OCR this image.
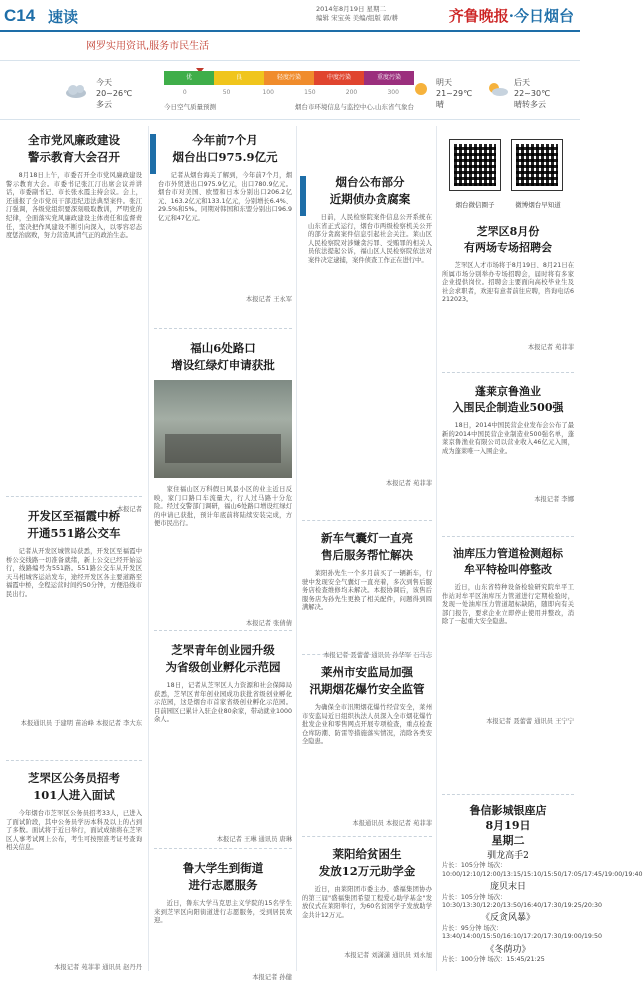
C14 速读	2014年8月19日 星期二
编辑 宋宝英 美编/组版 郭/耕	齐鲁晚报·今日烟台
网罗实用资讯,服务市民生活
今天
20~26℃
多云
优	良	轻度污染	中度污染	重度污染
0	50	100	150	200	300
今日空气质量预测	烟台市环境信息与监控中心,山东省气象台
明天
21~29℃
晴
后天
22~30℃
晴转多云
全市党风廉政建设
警示教育大会召开
8月18日上午，市委召开全市党风廉政建设警示教育大会。市委书记张江汀出席会议并讲话，市委副书记、市长张永霞主持会议。会上，还通报了全市党员干部违纪违法典型案件。张江汀强调，各级党组织要深刻吸取教训，严明党的纪律，全面落实党风廉政建设主体责任和监督责任，坚决把作风建设不断引向深入，以零容忍态度惩治腐败，努力营造风清气正的政治生态。
本报记者
开发区至福霞中桥
开通551路公交车
记者从开发区城管局获悉，开发区至福霞中桥公交线路一切准备就绪，新上公交已经开始运行，线路编号为551路。551路公交车从开发区天马相城客运站发车，途经开发区各主要道路至福霞中桥，全程运营时间约50分钟，方便沿线市民出行。
本报通讯员 于建明 苗冶峰 本报记者 李大东
芝罘区公务员招考
101人进入面试
今年烟台市芝罘区公务员招考33人，已进入了面试阶段，其中公务员学历本科及以上的占到了多数。面试将于近日举行，面试成绩将在芝罘区人事考试网上公布，考生可按照准考证号查询相关信息。
本报记者 苑菲菲 通讯员 赵丹丹
今年前7个月
烟台出口975.9亿元
记者从烟台海关了解到，今年前7个月，烟台市外贸进出口975.9亿元，出口780.9亿元。烟台市对美国、欧盟和日本分别出口206.2亿元、163.2亿元和133.1亿元，分别增长6.4%、29.5%和5%。同期对韩国和东盟分别出口96.9亿元和47亿元。
本报记者 王永军
福山6处路口
增设红绿灯申请获批
家住福山区万科假日风景小区的业主近日反映，家门口路口车流量大，行人过马路十分危险。经过交警部门调研，福山6处路口增设红绿灯的申请已获批，预计年底前将陆续安装完成，方便市民出行。
本报记者 张倩倩
芝罘青年创业园升级
为省级创业孵化示范园
18日，记者从芝罘区人力资源和社会保障局获悉，芝罘区青年创业园成功获批省级创业孵化示范园，这是烟台市首家省级创业孵化示范园。目前园区已累计入驻企业80余家，带动就业1000余人。
本报记者 王琳 通讯员 唐琳
鲁大学生到街道
进行志愿服务
近日，鲁东大学马克思主义学院的15名学生来到芝罘区向阳街道进行志愿服务，受到居民欢迎。
本报记者 孙健
烟台公布部分
近期侦办贪腐案
日前，人民检察院案件信息公开系统在山东省正式运行，烟台市两级检察机关公开的部分贪腐案件信息引起社会关注。莱山区人民检察院对涉嫌贪污罪、受贿罪的相关人员依法提起公诉，福山区人民检察院依法对案件决定逮捕，案件侦查工作正在进行中。
本报记者 苑菲菲
新车气囊灯一直亮
售后服务帮忙解决
莱阳孙先生一个多月前买了一辆新车，行驶中发现安全气囊灯一直亮着，多次到售后服务店检查维修均未解决。本报协调后，该售后服务店为孙先生更换了相关配件，问题得到圆满解决。
本报记者 聂蕾蕾 通讯员 孙华军 石马志
莱州市安监局加强
汛期烟花爆竹安全监管
为确保全市汛期烟花爆竹经营安全，莱州市安监局近日组织执法人员深入全市烟花爆竹批发企业和零售网点开展专项检查，重点检查仓库防潮、防雷等措施落实情况，消除各类安全隐患。
本报通讯员 本报记者 苑菲菲
莱阳给贫困生
发放12万元助学金
近日，由莱阳团市委主办、盛福集团协办的第三届"盛福集团希望工程爱心助学基金"发放仪式在莱阳举行，为60名贫困学子发放助学金共计12万元。
本报记者 刘潇潇 通讯员 刘永旭
烟台微信圈子	微博烟台早知道
芝罘区8月份
有两场专场招聘会
芝罘区人才市场将于8月19日、8月21日在所属市场分别举办专场招聘会，届时将有多家企业提供岗位。招聘会主要面向高校毕业生及社会求职者，欢迎有意者前往应聘，咨询电话6212023。
本报记者 苑菲菲
蓬莱京鲁渔业
入围民企制造业500强
18日，2014中国民营企业发布会公布了最新的2014中国民营企业制造业500强名单，蓬莱京鲁渔业有限公司以营业收入46亿元入围，成为蓬莱唯一入围企业。
本报记者 李娜
油库压力管道检测超标
牟平特检叫停整改
近日，山东省特种设备检验研究院牟平工作站对牟平区油库压力管道进行定期检验时，发现一处油库压力管道超标缺陷，随即向有关部门报告，要求企业立即停止使用并整改，消除了一起重大安全隐患。
本报记者 聂蕾蕾 通讯员 王宁宁
鲁信影城银座店
8月19日
星期二
驯龙高手2
片长：105分钟 场次：10:00/12:10/12:00/13:15/15:10/15:50/17:05/17:45/19:00/19:40
庞贝末日
片长：105分钟 场次：10:30/13:30/12:20/13:50/16:40/17:30/19:25/20:30
《反贪风暴》
片长：95分钟 场次：13:40/14:00/15:50/16:10/17:20/17:30/19:00/19:50
《冬荫功》
片长：100分钟 场次：15:45/21:25
